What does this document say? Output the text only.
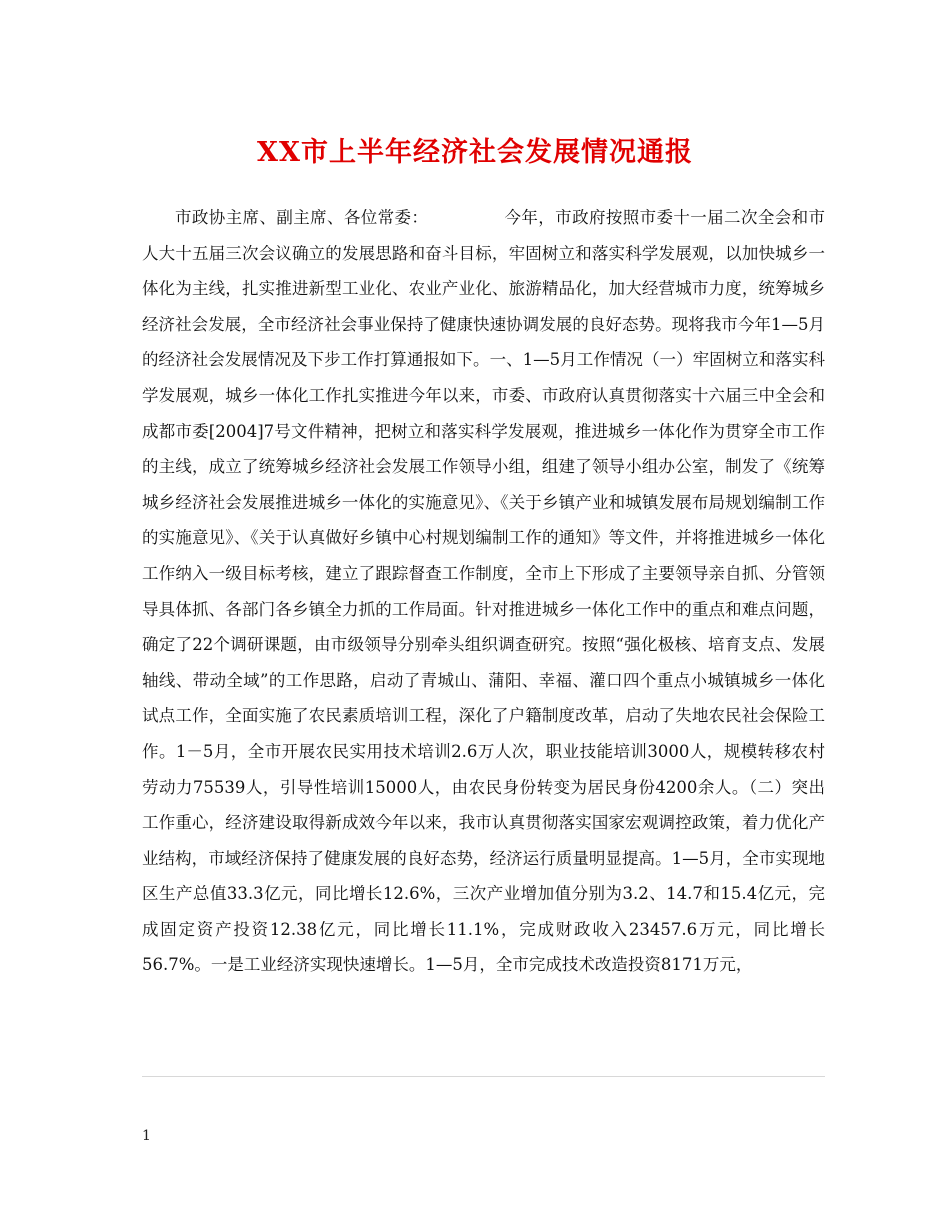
XX市上半年经济社会发展情况通报

市政协主席、副主席、各位常委：　　　　　今年，市政府按照市委十一届二次全会和市人大十五届三次会议确立的发展思路和奋斗目标，牢固树立和落实科学发展观，以加快城乡一体化为主线，扎实推进新型工业化、农业产业化、旅游精品化，加大经营城市力度，统筹城乡经济社会发展，全市经济社会事业保持了健康快速协调发展的良好态势。现将我市今年1—5月的经济社会发展情况及下步工作打算通报如下。一、1—5月工作情况（一）牢固树立和落实科学发展观，城乡一体化工作扎实推进今年以来，市委、市政府认真贯彻落实十六届三中全会和成都市委[2004]7号文件精神，把树立和落实科学发展观，推进城乡一体化作为贯穿全市工作的主线，成立了统筹城乡经济社会发展工作领导小组，组建了领导小组办公室，制发了《统筹城乡经济社会发展推进城乡一体化的实施意见》、《关于乡镇产业和城镇发展布局规划编制工作的实施意见》、《关于认真做好乡镇中心村规划编制工作的通知》等文件，并将推进城乡一体化工作纳入一级目标考核，建立了跟踪督查工作制度，全市上下形成了主要领导亲自抓、分管领导具体抓、各部门各乡镇全力抓的工作局面。针对推进城乡一体化工作中的重点和难点问题，确定了22个调研课题，由市级领导分别牵头组织调查研究。按照“强化极核、培育支点、发展轴线、带动全域”的工作思路，启动了青城山、蒲阳、幸福、灌口四个重点小城镇城乡一体化试点工作，全面实施了农民素质培训工程，深化了户籍制度改革，启动了失地农民社会保险工作。1－5月，全市开展农民实用技术培训2.6万人次，职业技能培训3000人，规模转移农村劳动力75539人，引导性培训15000人，由农民身份转变为居民身份4200余人。（二）突出工作重心，经济建设取得新成效今年以来，我市认真贯彻落实国家宏观调控政策，着力优化产业结构，市域经济保持了健康发展的良好态势，经济运行质量明显提高。1—5月，全市实现地区生产总值33.3亿元，同比增长12.6%，三次产业增加值分别为3.2、14.7和15.4亿元，完成固定资产投资12.38亿元，同比增长11.1%，完成财政收入23457.6万元，同比增长56.7%。一是工业经济实现快速增长。1—5月，全市完成技术改造投资8171万元，

1
